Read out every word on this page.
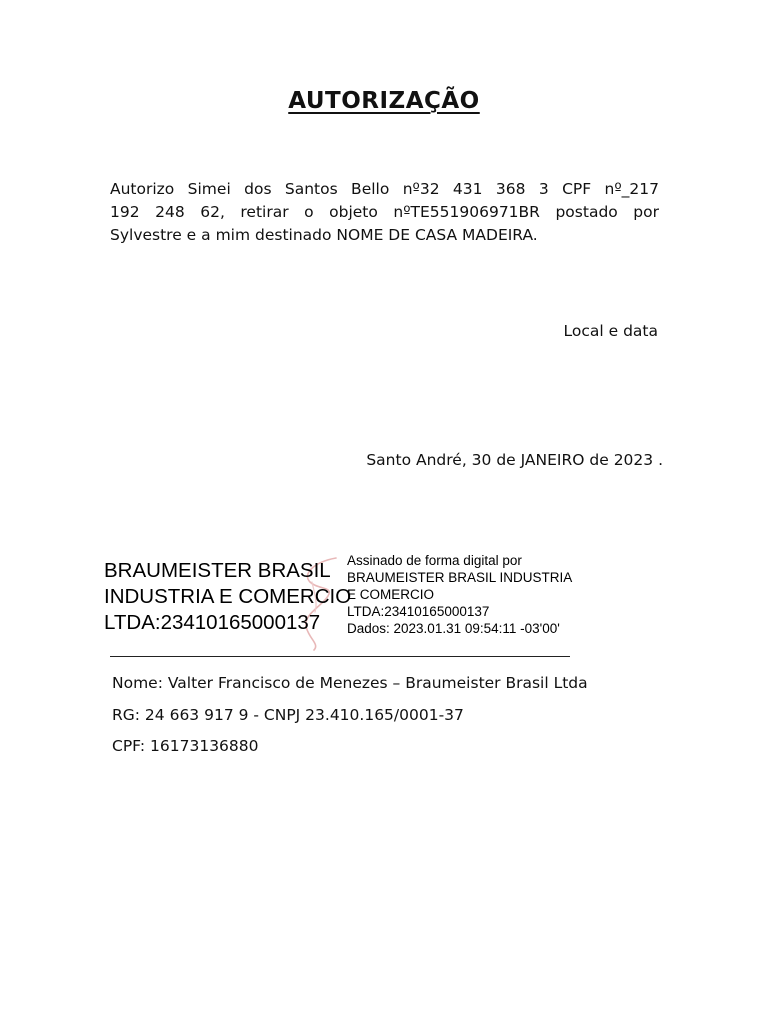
AUTORIZAÇÃO
Autorizo Simei dos Santos Bello nº32 431 368 3 CPF nº_217
192 248 62, retirar o objeto nºTE551906971BR postado por
Sylvestre e a mim destinado NOME DE CASA MADEIRA.
Local e data
Santo André, 30 de JANEIRO de 2023 .
BRAUMEISTER BRASIL
INDUSTRIA E COMERCIO
LTDA:23410165000137
Assinado de forma digital por
BRAUMEISTER BRASIL INDUSTRIA
E COMERCIO
LTDA:23410165000137
Dados: 2023.01.31 09:54:11 -03'00'
Nome: Valter Francisco de Menezes – Braumeister Brasil Ltda
RG: 24 663 917 9 - CNPJ 23.410.165/0001-37
CPF: 16173136880
